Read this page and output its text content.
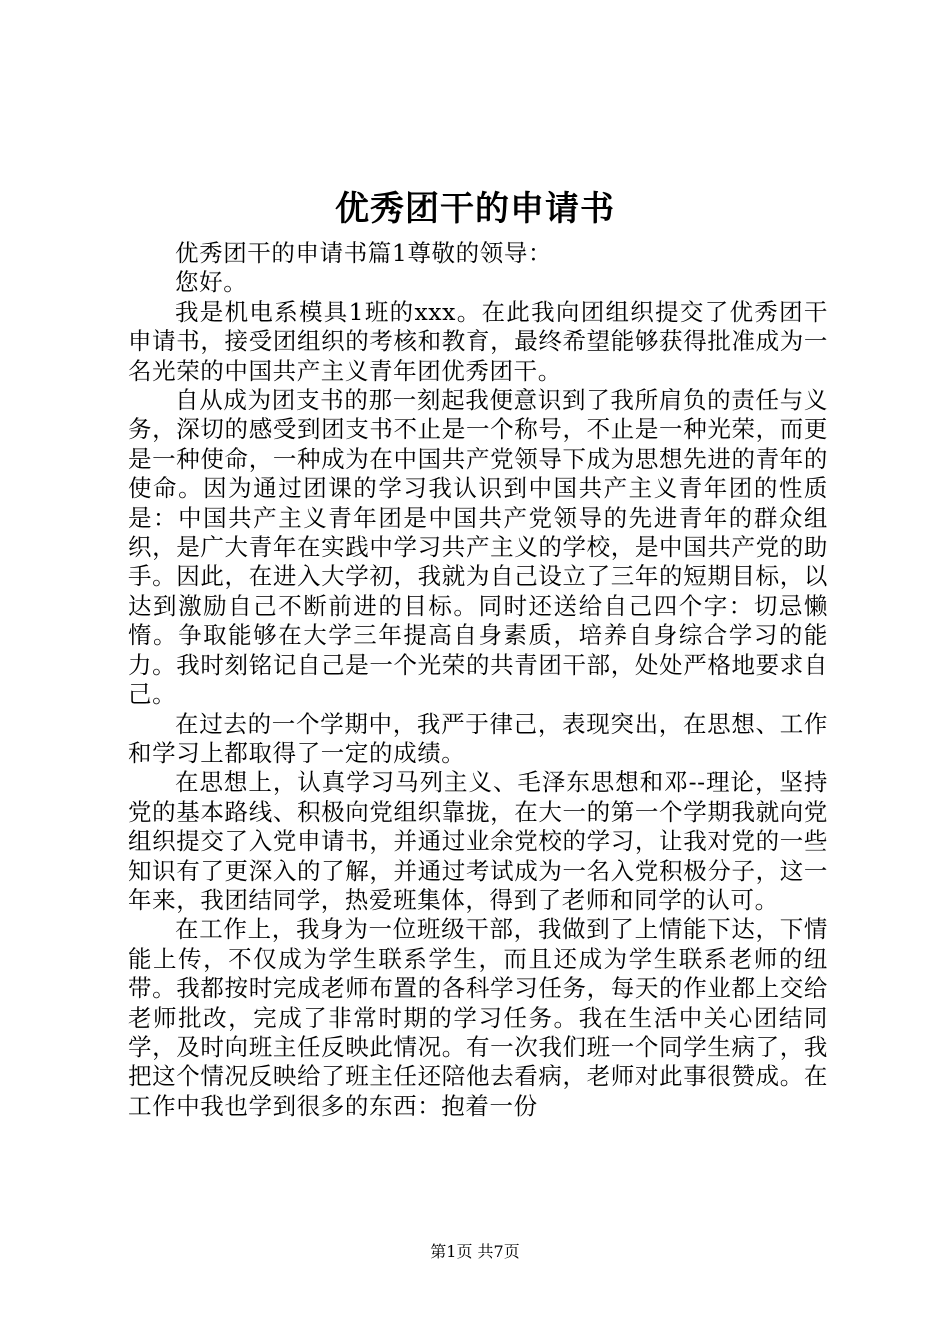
优秀团干的申请书

优秀团干的申请书篇1尊敬的领导：

您好。

我是机电系模具1班的xxx。在此我向团组织提交了优秀团干申请书，接受团组织的考核和教育，最终希望能够获得批准成为一名光荣的中国共产主义青年团优秀团干。

自从成为团支书的那一刻起我便意识到了我所肩负的责任与义务，深切的感受到团支书不止是一个称号，不止是一种光荣，而更是一种使命，一种成为在中国共产党领导下成为思想先进的青年的使命。因为通过团课的学习我认识到中国共产主义青年团的性质是：中国共产主义青年团是中国共产党领导的先进青年的群众组织，是广大青年在实践中学习共产主义的学校，是中国共产党的助手。因此，在进入大学初，我就为自己设立了三年的短期目标，以达到激励自己不断前进的目标。同时还送给自己四个字：切忌懒惰。争取能够在大学三年提高自身素质，培养自身综合学习的能力。我时刻铭记自己是一个光荣的共青团干部，处处严格地要求自己。

在过去的一个学期中，我严于律己，表现突出，在思想、工作和学习上都取得了一定的成绩。

在思想上，认真学习马列主义、毛泽东思想和邓--理论，坚持党的基本路线、积极向党组织靠拢，在大一的第一个学期我就向党组织提交了入党申请书，并通过业余党校的学习，让我对党的一些知识有了更深入的了解，并通过考试成为一名入党积极分子，这一年来，我团结同学，热爱班集体，得到了老师和同学的认可。

在工作上，我身为一位班级干部，我做到了上情能下达，下情能上传，不仅成为学生联系学生，而且还成为学生联系老师的纽带。我都按时完成老师布置的各科学习任务，每天的作业都上交给老师批改，完成了非常时期的学习任务。我在生活中关心团结同学，及时向班主任反映此情况。有一次我们班一个同学生病了，我把这个情况反映给了班主任还陪他去看病，老师对此事很赞成。在工作中我也学到很多的东西：抱着一份

第1页 共7页
